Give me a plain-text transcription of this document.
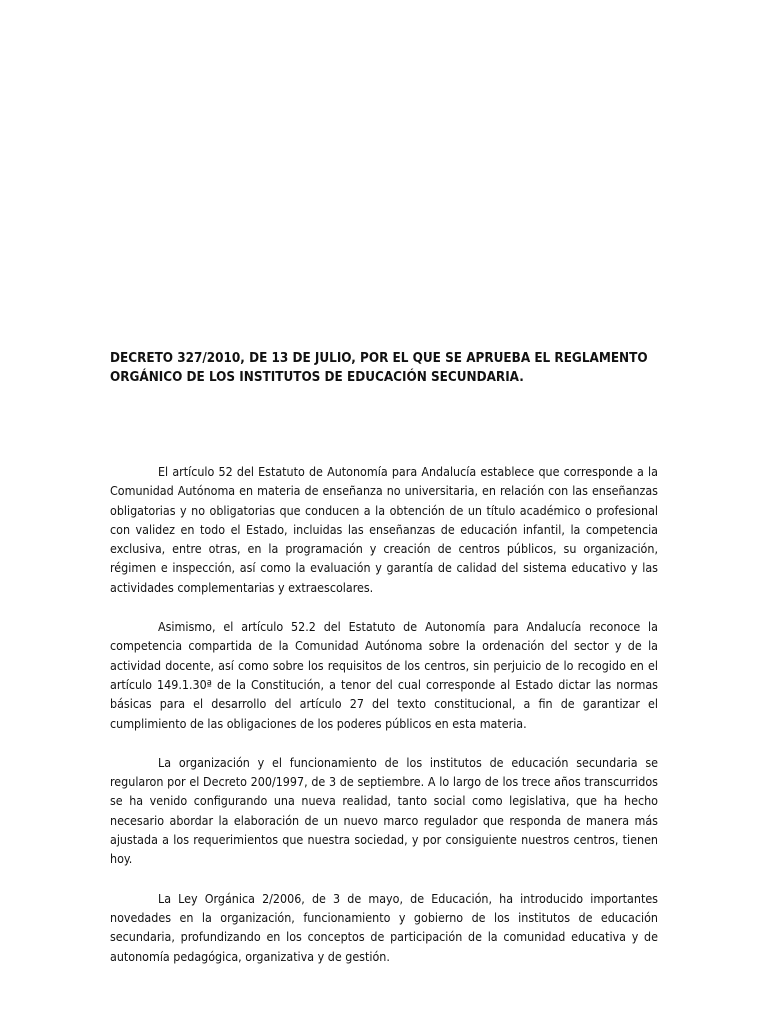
DECRETO 327/2010, DE 13 DE JULIO, POR EL QUE SE APRUEBA EL REGLAMENTO ORGÁNICO DE LOS INSTITUTOS DE EDUCACIÓN SECUNDARIA.

El artículo 52 del Estatuto de Autonomía para Andalucía establece que corresponde a la Comunidad Autónoma en materia de enseñanza no universitaria, en relación con las enseñanzas obligatorias y no obligatorias que conducen a la obtención de un título académico o profesional con validez en todo el Estado, incluidas las enseñanzas de educación infantil, la competencia exclusiva, entre otras, en la programación y creación de centros públicos, su organización, régimen e inspección, así como la evaluación y garantía de calidad del sistema educativo y las actividades complementarias y extraescolares.

Asimismo, el artículo 52.2 del Estatuto de Autonomía para Andalucía reconoce la competencia compartida de la Comunidad Autónoma sobre la ordenación del sector y de la actividad docente, así como sobre los requisitos de los centros, sin perjuicio de lo recogido en el artículo 149.1.30ª de la Constitución, a tenor del cual corresponde al Estado dictar las normas básicas para el desarrollo del artículo 27 del texto constitucional, a fin de garantizar el cumplimiento de las obligaciones de los poderes públicos en esta materia.

La organización y el funcionamiento de los institutos de educación secundaria se regularon por el Decreto 200/1997, de 3 de septiembre. A lo largo de los trece años transcurridos se ha venido configurando una nueva realidad, tanto social como legislativa, que ha hecho necesario abordar la elaboración de un nuevo marco regulador que responda de manera más ajustada a los requerimientos que nuestra sociedad, y por consiguiente nuestros centros, tienen hoy.

La Ley Orgánica 2/2006, de 3 de mayo, de Educación, ha introducido importantes novedades en la organización, funcionamiento y gobierno de los institutos de educación secundaria, profundizando en los conceptos de participación de la comunidad educativa y de autonomía pedagógica, organizativa y de gestión.
